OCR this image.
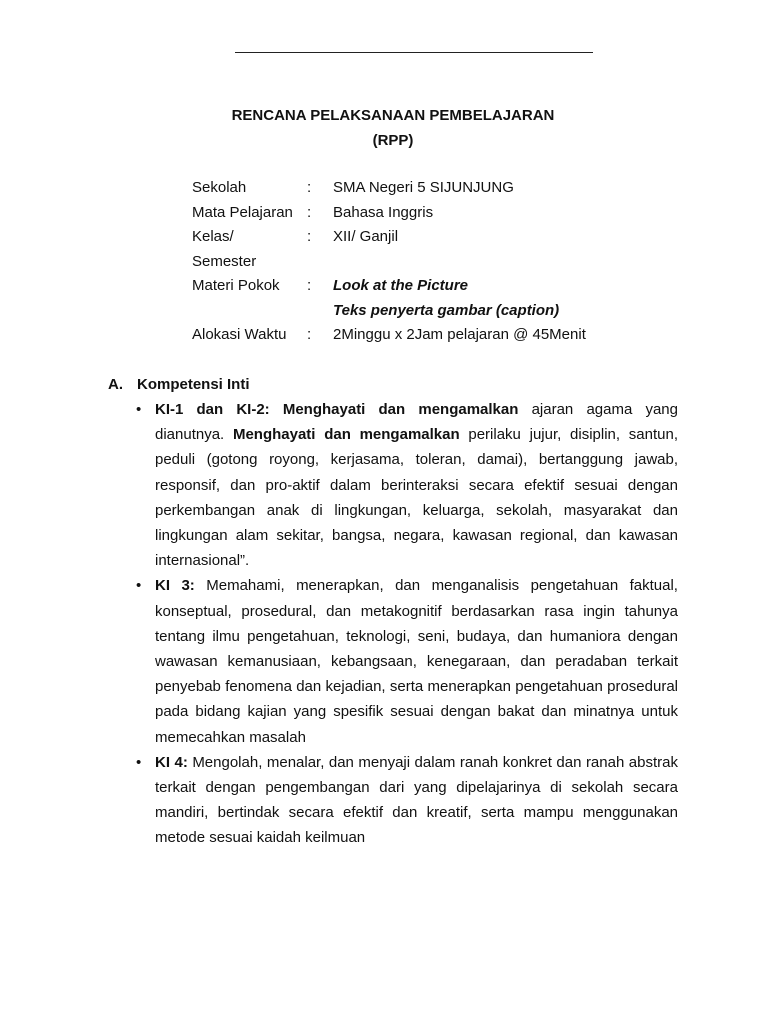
RENCANA PELAKSANAAN PEMBELAJARAN
(RPP)
Sekolah	:	SMA Negeri 5 SIJUNJUNG
Mata Pelajaran :	Bahasa Inggris
Kelas/	:	XII/ Ganjil
Semester
Materi Pokok	:	Look at the Picture
Teks penyerta gambar (caption)
Alokasi Waktu	:	2Minggu x 2Jam pelajaran @ 45Menit
A. Kompetensi Inti
• KI-1 dan KI-2: Menghayati dan mengamalkan ajaran agama yang dianutnya. Menghayati dan mengamalkan perilaku jujur, disiplin, santun, peduli (gotong royong, kerjasama, toleran, damai), bertanggung jawab, responsif, dan pro-aktif dalam berinteraksi secara efektif sesuai dengan perkembangan anak di lingkungan, keluarga, sekolah, masyarakat dan lingkungan alam sekitar, bangsa, negara, kawasan regional, dan kawasan internasional”.
• KI 3: Memahami, menerapkan, dan menganalisis pengetahuan faktual, konseptual, prosedural, dan metakognitif berdasarkan rasa ingin tahunya tentang ilmu pengetahuan, teknologi, seni, budaya, dan humaniora dengan wawasan kemanusiaan, kebangsaan, kenegaraan, dan peradaban terkait penyebab fenomena dan kejadian, serta menerapkan pengetahuan prosedural pada bidang kajian yang spesifik sesuai dengan bakat dan minatnya untuk memecahkan masalah
• KI 4: Mengolah, menalar, dan menyaji dalam ranah konkret dan ranah abstrak terkait dengan pengembangan dari yang dipelajarinya di sekolah secara mandiri, bertindak secara efektif dan kreatif, serta mampu menggunakan metode sesuai kaidah keilmuan
